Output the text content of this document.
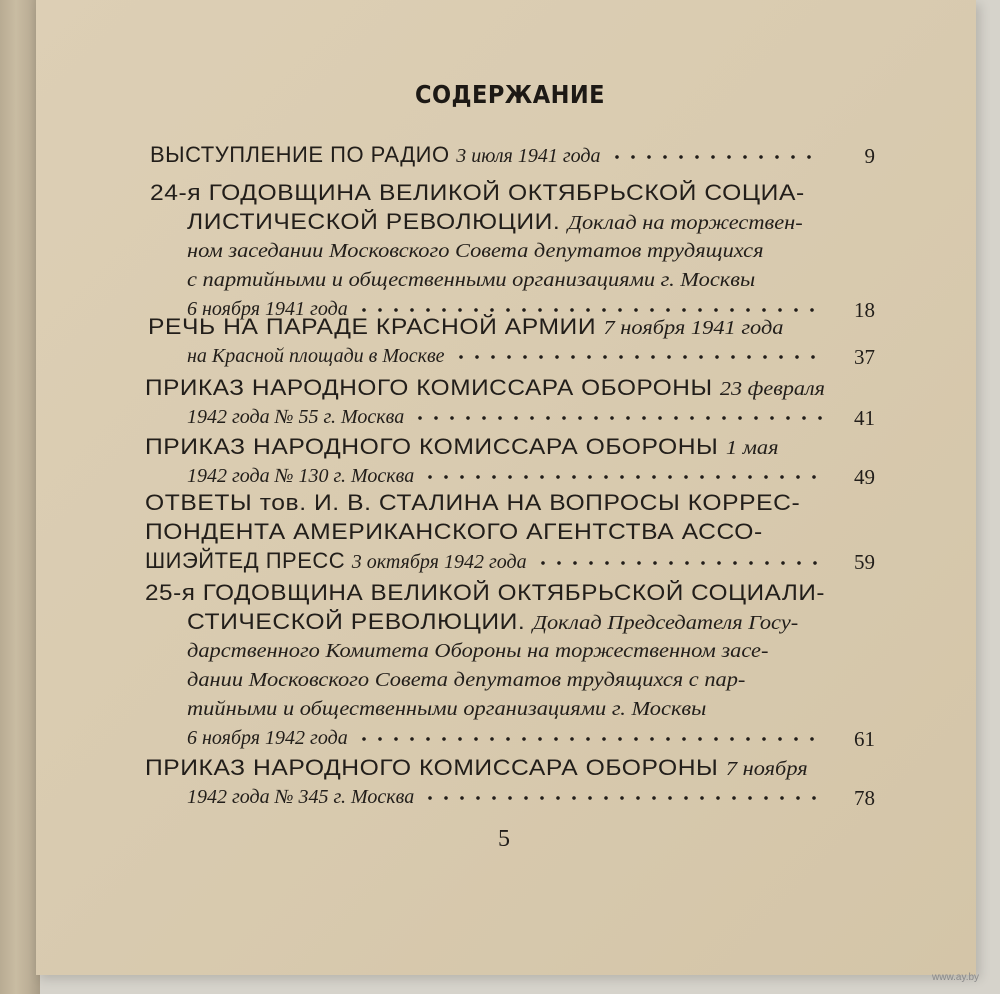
СОДЕРЖАНИЕ
ВЫСТУПЛЕНИЕ ПО РАДИО 3 июля 1941 года	9
24-я ГОДОВЩИНА ВЕЛИКОЙ ОКТЯБРЬСКОЙ СОЦИА-
ЛИСТИЧЕСКОЙ РЕВОЛЮЦИИ. Доклад на торжествен-
ном заседании Московского Совета депутатов трудящихся
с партийными и общественными организациями г. Москвы
6 ноября 1941 года	18
РЕЧЬ НА ПАРАДЕ КРАСНОЙ АРМИИ 7 ноября 1941 года
на Красной площади в Москве	37
ПРИКАЗ НАРОДНОГО КОМИССАРА ОБОРОНЫ 23 февраля
1942 года № 55 г. Москва	41
ПРИКАЗ НАРОДНОГО КОМИССАРА ОБОРОНЫ 1 мая
1942 года № 130 г. Москва	49
ОТВЕТЫ тов. И. В. СТАЛИНА НА ВОПРОСЫ КОРРЕС-
ПОНДЕНТА АМЕРИКАНСКОГО АГЕНТСТВА АССО-
ШИЭЙТЕД ПРЕСС 3 октября 1942 года	59
25-я ГОДОВЩИНА ВЕЛИКОЙ ОКТЯБРЬСКОЙ СОЦИАЛИ-
СТИЧЕСКОЙ РЕВОЛЮЦИИ. Доклад Председателя Госу-
дарственного Комитета Обороны на торжественном засе-
дании Московского Совета депутатов трудящихся с пар-
тийными и общественными организациями г. Москвы
6 ноября 1942 года	61
ПРИКАЗ НАРОДНОГО КОМИССАРА ОБОРОНЫ 7 ноября
1942 года № 345 г. Москва	78
5
www.ay.by
